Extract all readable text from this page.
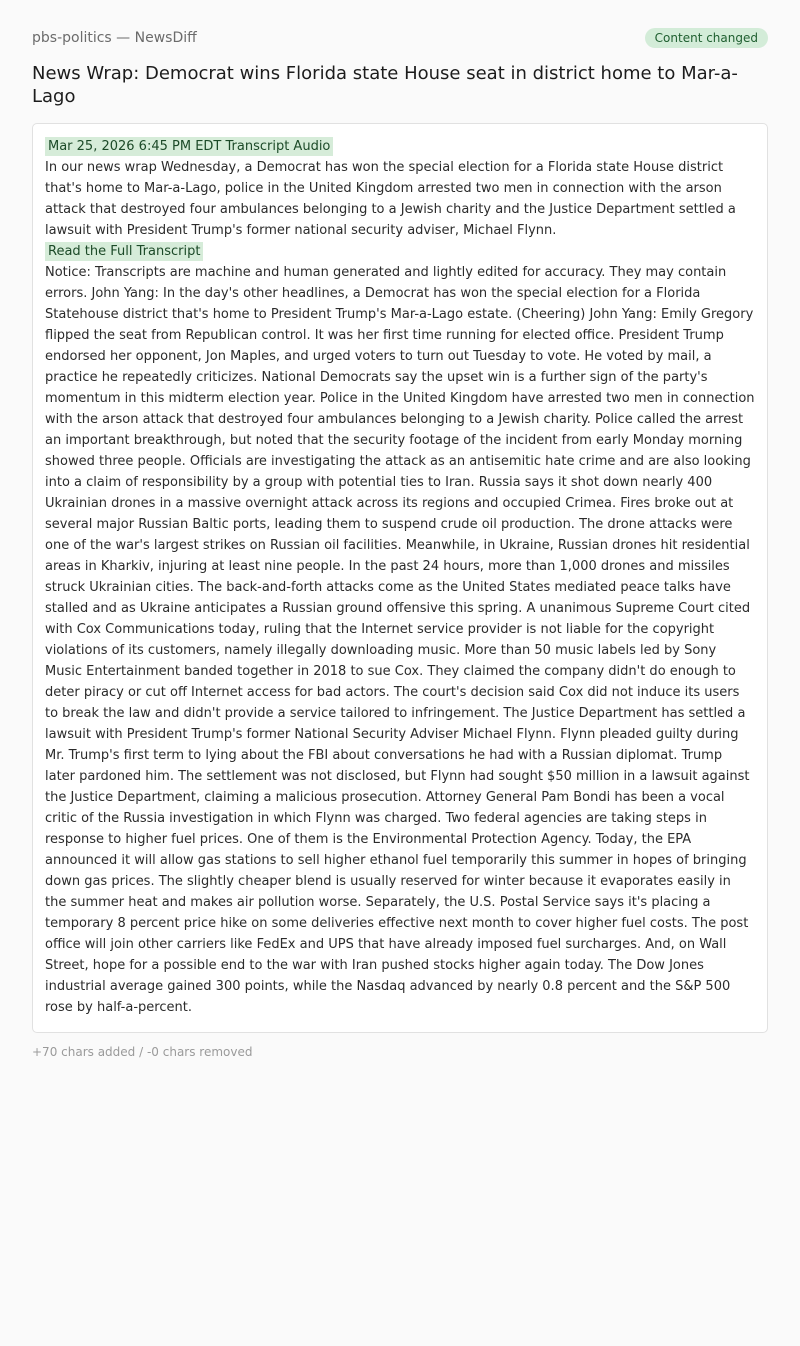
pbs-politics — NewsDiff	Content changed
News Wrap: Democrat wins Florida state House seat in district home to Mar-a-Lago
Mar 25, 2026 6:45 PM EDT Transcript Audio
In our news wrap Wednesday, a Democrat has won the special election for a Florida state House district that's home to Mar-a-Lago, police in the United Kingdom arrested two men in connection with the arson attack that destroyed four ambulances belonging to a Jewish charity and the Justice Department settled a lawsuit with President Trump's former national security adviser, Michael Flynn.
Read the Full Transcript
Notice: Transcripts are machine and human generated and lightly edited for accuracy. They may contain errors. John Yang: In the day's other headlines, a Democrat has won the special election for a Florida Statehouse district that's home to President Trump's Mar-a-Lago estate. (Cheering) John Yang: Emily Gregory flipped the seat from Republican control. It was her first time running for elected office. President Trump endorsed her opponent, Jon Maples, and urged voters to turn out Tuesday to vote. He voted by mail, a practice he repeatedly criticizes. National Democrats say the upset win is a further sign of the party's momentum in this midterm election year. Police in the United Kingdom have arrested two men in connection with the arson attack that destroyed four ambulances belonging to a Jewish charity. Police called the arrest an important breakthrough, but noted that the security footage of the incident from early Monday morning showed three people. Officials are investigating the attack as an antisemitic hate crime and are also looking into a claim of responsibility by a group with potential ties to Iran. Russia says it shot down nearly 400 Ukrainian drones in a massive overnight attack across its regions and occupied Crimea. Fires broke out at several major Russian Baltic ports, leading them to suspend crude oil production. The drone attacks were one of the war's largest strikes on Russian oil facilities. Meanwhile, in Ukraine, Russian drones hit residential areas in Kharkiv, injuring at least nine people. In the past 24 hours, more than 1,000 drones and missiles struck Ukrainian cities. The back-and-forth attacks come as the United States mediated peace talks have stalled and as Ukraine anticipates a Russian ground offensive this spring. A unanimous Supreme Court cited with Cox Communications today, ruling that the Internet service provider is not liable for the copyright violations of its customers, namely illegally downloading music. More than 50 music labels led by Sony Music Entertainment banded together in 2018 to sue Cox. They claimed the company didn't do enough to deter piracy or cut off Internet access for bad actors. The court's decision said Cox did not induce its users to break the law and didn't provide a service tailored to infringement. The Justice Department has settled a lawsuit with President Trump's former National Security Adviser Michael Flynn. Flynn pleaded guilty during Mr. Trump's first term to lying about the FBI about conversations he had with a Russian diplomat. Trump later pardoned him. The settlement was not disclosed, but Flynn had sought $50 million in a lawsuit against the Justice Department, claiming a malicious prosecution. Attorney General Pam Bondi has been a vocal critic of the Russia investigation in which Flynn was charged. Two federal agencies are taking steps in response to higher fuel prices. One of them is the Environmental Protection Agency. Today, the EPA announced it will allow gas stations to sell higher ethanol fuel temporarily this summer in hopes of bringing down gas prices. The slightly cheaper blend is usually reserved for winter because it evaporates easily in the summer heat and makes air pollution worse. Separately, the U.S. Postal Service says it's placing a temporary 8 percent price hike on some deliveries effective next month to cover higher fuel costs. The post office will join other carriers like FedEx and UPS that have already imposed fuel surcharges. And, on Wall Street, hope for a possible end to the war with Iran pushed stocks higher again today. The Dow Jones industrial average gained 300 points, while the Nasdaq advanced by nearly 0.8 percent and the S&P 500 rose by half-a-percent.
+70 chars added / -0 chars removed
